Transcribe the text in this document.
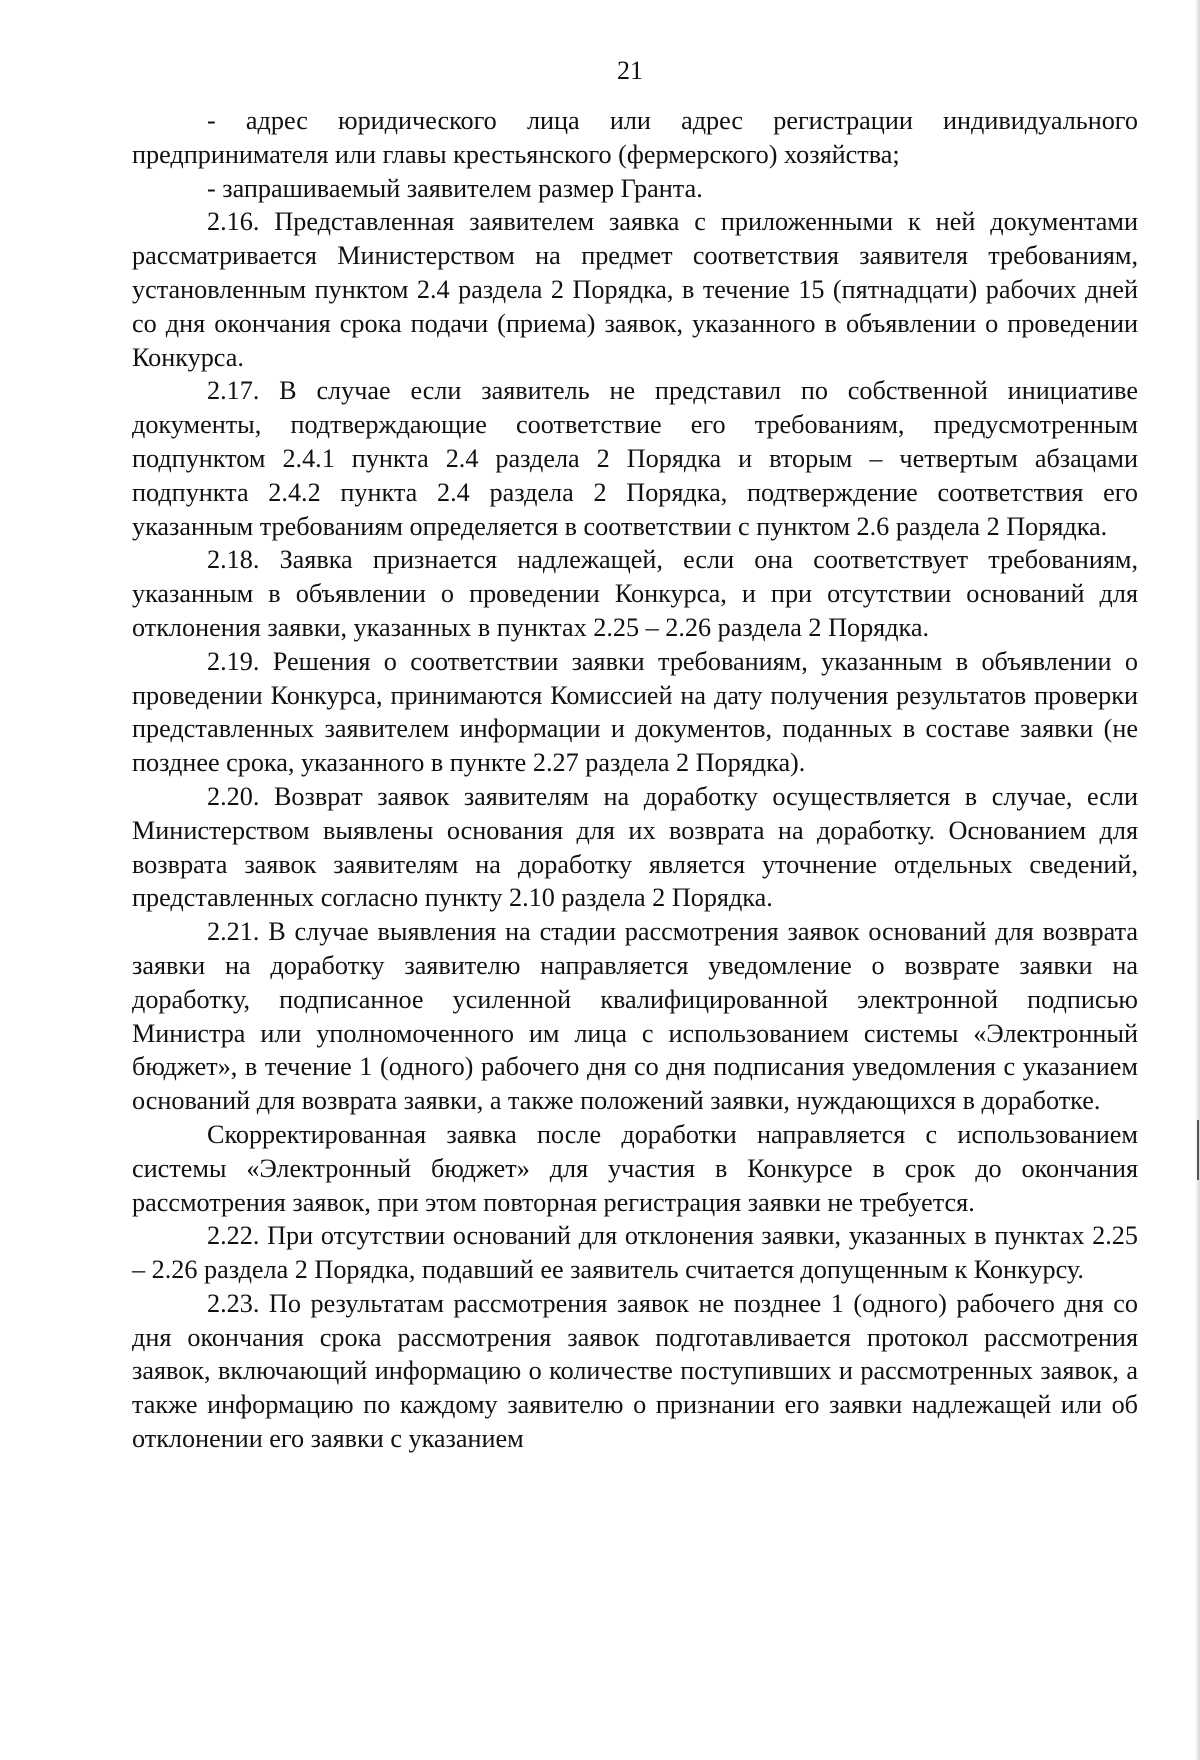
21

- адрес юридического лица или адрес регистрации индивидуального предпринимателя или главы крестьянского (фермерского) хозяйства;

- запрашиваемый заявителем размер Гранта.

2.16. Представленная заявителем заявка с приложенными к ней документами рассматривается Министерством на предмет соответствия заявителя требованиям, установленным пунктом 2.4 раздела 2 Порядка, в течение 15 (пятнадцати) рабочих дней со дня окончания срока подачи (приема) заявок, указанного в объявлении о проведении Конкурса.

2.17. В случае если заявитель не представил по собственной инициативе документы, подтверждающие соответствие его требованиям, предусмотренным подпунктом 2.4.1 пункта 2.4 раздела 2 Порядка и вторым – четвертым абзацами подпункта 2.4.2 пункта 2.4 раздела 2 Порядка, подтверждение соответствия его указанным требованиям определяется в соответствии с пунктом 2.6 раздела 2 Порядка.

2.18. Заявка признается надлежащей, если она соответствует требованиям, указанным в объявлении о проведении Конкурса, и при отсутствии оснований для отклонения заявки, указанных в пунктах 2.25 – 2.26 раздела 2 Порядка.

2.19. Решения о соответствии заявки требованиям, указанным в объявлении о проведении Конкурса, принимаются Комиссией на дату получения результатов проверки представленных заявителем информации и документов, поданных в составе заявки (не позднее срока, указанного в пункте 2.27 раздела 2 Порядка).

2.20. Возврат заявок заявителям на доработку осуществляется в случае, если Министерством выявлены основания для их возврата на доработку. Основанием для возврата заявок заявителям на доработку является уточнение отдельных сведений, представленных согласно пункту 2.10 раздела 2 Порядка.

2.21. В случае выявления на стадии рассмотрения заявок оснований для возврата заявки на доработку заявителю направляется уведомление о возврате заявки на доработку, подписанное усиленной квалифицированной электронной подписью Министра или уполномоченного им лица с использованием системы «Электронный бюджет», в течение 1 (одного) рабочего дня со дня подписания уведомления с указанием оснований для возврата заявки, а также положений заявки, нуждающихся в доработке.

Скорректированная заявка после доработки направляется с использованием системы «Электронный бюджет» для участия в Конкурсе в срок до окончания рассмотрения заявок, при этом повторная регистрация заявки не требуется.

2.22. При отсутствии оснований для отклонения заявки, указанных в пунктах 2.25 – 2.26 раздела 2 Порядка, подавший ее заявитель считается допущенным к Конкурсу.

2.23. По результатам рассмотрения заявок не позднее 1 (одного) рабочего дня со дня окончания срока рассмотрения заявок подготавливается протокол рассмотрения заявок, включающий информацию о количестве поступивших и рассмотренных заявок, а также информацию по каждому заявителю о признании его заявки надлежащей или об отклонении его заявки с указанием
